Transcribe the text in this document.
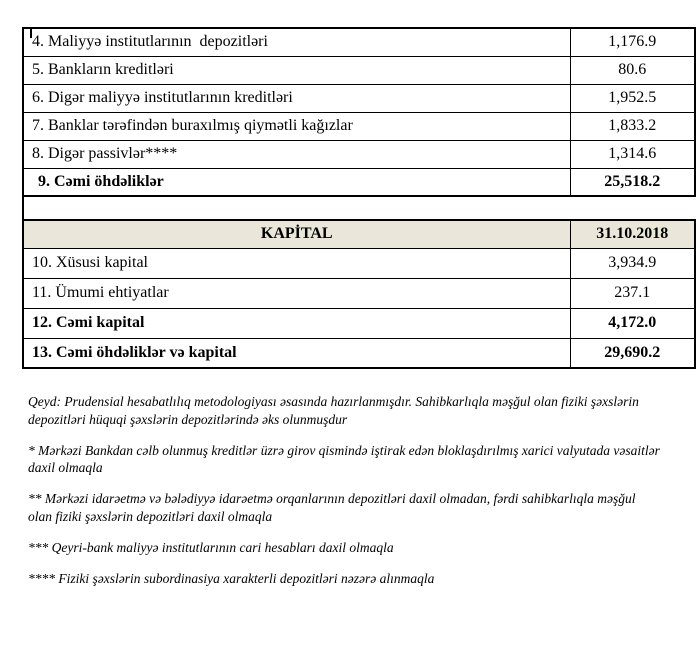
4. Maliyyə institutlarının  depozitləri	1,176.9
5. Bankların kreditləri	80.6
6. Digər maliyyə institutlarının kreditləri	1,952.5
7. Banklar tərəfindən buraxılmış qiymətli kağızlar	1,833.2
8. Digər passivlər****	1,314.6
9. Cəmi öhdəliklər	25,518.2
KAPİTAL	31.10.2018
10. Xüsusi kapital	3,934.9
11. Ümumi ehtiyatlar	237.1
12. Cəmi kapital	4,172.0
13. Cəmi öhdəliklər və kapital	29,690.2

Qeyd: Prudensial hesabatlılıq metodologiyası əsasında hazırlanmışdır. Sahibkarlıqla məşğul olan fiziki şəxslərin depozitləri hüquqi şəxslərin depozitlərində əks olunmuşdur

* Mərkəzi Bankdan cəlb olunmuş kreditlər üzrə girov qismində iştirak edən bloklaşdırılmış xarici valyutada vəsaitlər daxil olmaqla

** Mərkəzi idarəetmə və bələdiyyə idarəetmə orqanlarının depozitləri daxil olmadan, fərdi sahibkarlıqla məşğul olan fiziki şəxslərin depozitləri daxil olmaqla

*** Qeyri-bank maliyyə institutlarının cari hesabları daxil olmaqla

**** Fiziki şəxslərin subordinasiya xarakterli depozitləri nəzərə alınmaqla
